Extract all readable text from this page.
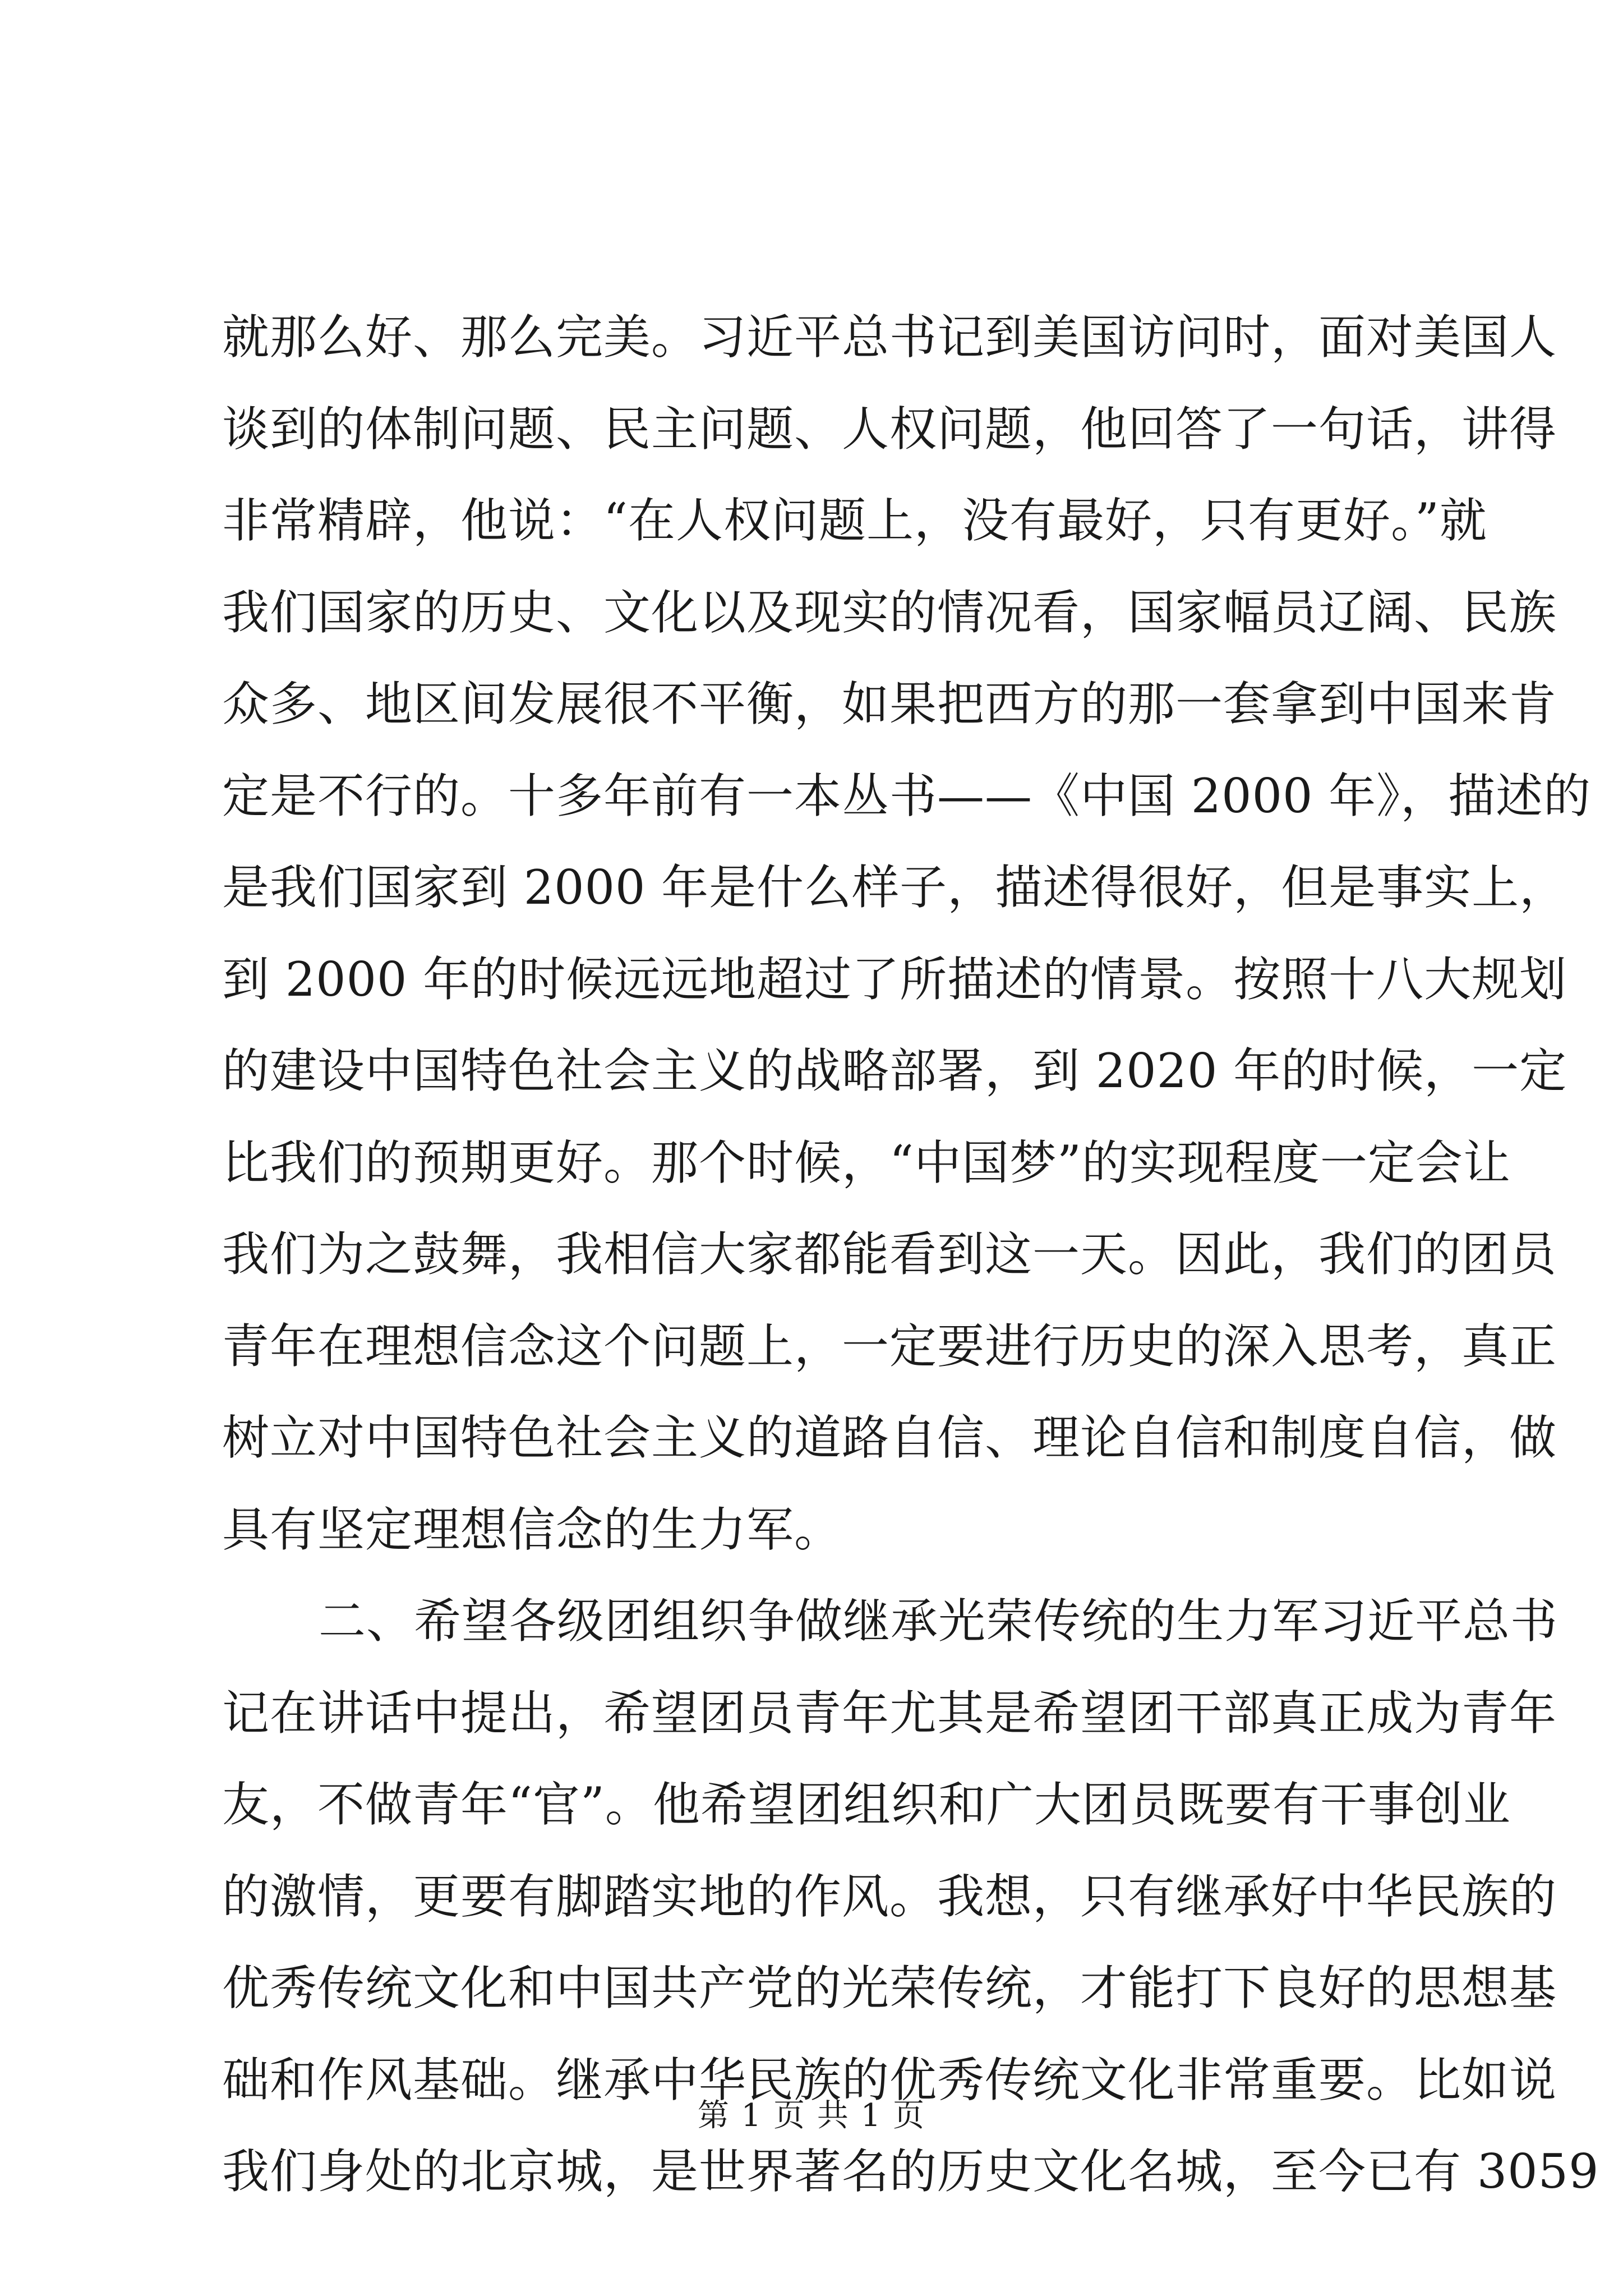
就那么好、那么完美。习近平总书记到美国访问时，面对美国人
谈到的体制问题、民主问题、人权问题，他回答了一句话，讲得
非常精辟，他说：“在人权问题上，没有最好，只有更好。”就
我们国家的历史、文化以及现实的情况看，国家幅员辽阔、民族
众多、地区间发展很不平衡，如果把西方的那一套拿到中国来肯
定是不行的。十多年前有一本丛书——《中国 2000 年》，描述的
是我们国家到 2000 年是什么样子，描述得很好，但是事实上，
到 2000 年的时候远远地超过了所描述的情景。按照十八大规划
的建设中国特色社会主义的战略部署，到 2020 年的时候，一定
比我们的预期更好。那个时候，“中国梦”的实现程度一定会让
我们为之鼓舞，我相信大家都能看到这一天。因此，我们的团员
青年在理想信念这个问题上，一定要进行历史的深入思考，真正
树立对中国特色社会主义的道路自信、理论自信和制度自信，做
具有坚定理想信念的生力军。
二、希望各级团组织争做继承光荣传统的生力军习近平总书
记在讲话中提出，希望团员青年尤其是希望团干部真正成为青年
友，不做青年“官”。他希望团组织和广大团员既要有干事创业
的激情，更要有脚踏实地的作风。我想，只有继承好中华民族的
优秀传统文化和中国共产党的光荣传统，才能打下良好的思想基
础和作风基础。继承中华民族的优秀传统文化非常重要。比如说
我们身处的北京城，是世界著名的历史文化名城，至今已有 3059
第 1 页 共 1 页
